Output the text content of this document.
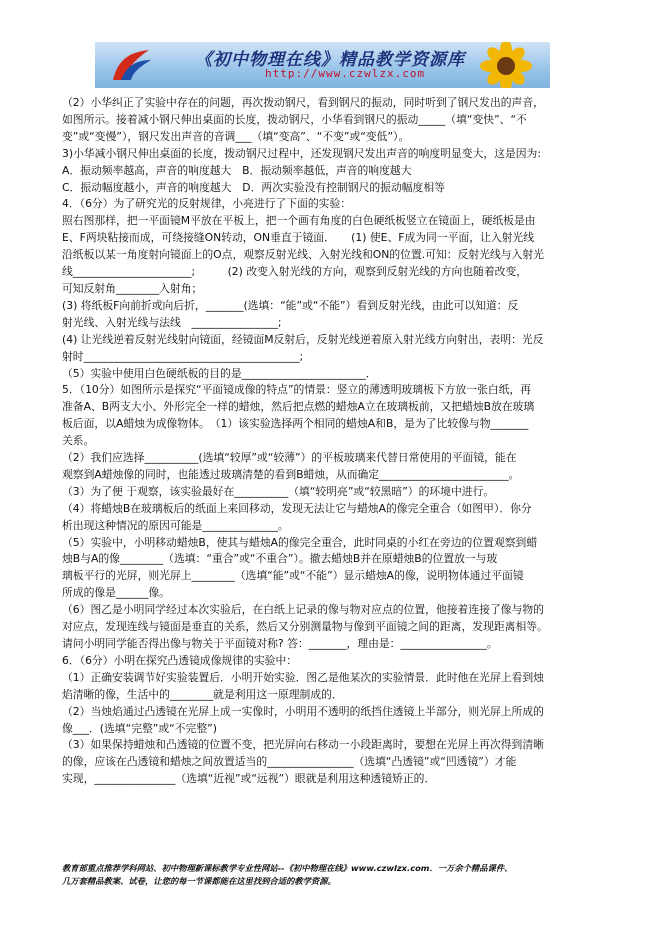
《初中物理在线》精品教学资源库
http://www.czwlzx.com

（2）小华纠正了实验中存在的问题，再次拨动钢尺，看到钢尺的振动，同时听到了钢尺发出的声音，

如图所示。接着减小钢尺伸出桌面的长度，拨动钢尺，小华看到钢尺的振动_____（填“变快”、“不

变”或“变慢”），钢尺发出声音的音调___（填“变高”、“不变”或“变低”）。

3)小华减小钢尺伸出桌面的长度，拨动钢尺过程中，还发现钢尺发出声音的响度明显变大，这是因为:

A．振动频率越高，声音的响度越大　B．振动频率越低，声音的响度越大

C．振动幅度越小，声音的响度越大　D．两次实验没有控制钢尺的振动幅度相等

4．（6分）为了研究光的反射规律，小亮进行了下面的实验：

照右图那样，把一平面镜M平放在平板上，把一个画有角度的白色硬纸板竖立在镜面上，硬纸板是由

E、F两块粘接而成，可绕接缝ON转动，ON垂直于镜面．　　(1) 使E、F成为同一平面，让入射光线

沿纸板以某一角度射向镜面上的O点，观察反射光线、入射光线和ON的位置.可知：反射光线与入射光

线______________________;　　　(2) 改变入射光线的方向，观察到反射光线的方向也随着改变，

可知反射角________入射角；

(3) 将纸板F向前折或向后折，_______(选填：“能”或“不能”）看到反射光线，由此可以知道：反

射光线、入射光线与法线　________________;

(4) 让光线逆着反射光线射向镜面，经镜面M反射后，反射光线逆着原入射光线方向射出，表明：光反

射时________________________________________;

（5）实验中使用白色硬纸板的目的是_______________________．

5．（10分）如图所示是探究“平面镜成像的特点”的情景：竖立的薄透明玻璃板下方放一张白纸，再

准备A、B两支大小、外形完全一样的蜡烛，然后把点燃的蜡烛A立在玻璃板前，又把蜡烛B放在玻璃

板后面，以A蜡烛为成像物体。　（1）该实验选择两个相同的蜡烛A和B，是为了比较像与物_______

关系。

（2）我们应选择__________(选填“较厚”或“较薄”）的平板玻璃来代替日常使用的平面镜，能在

观察到A蜡烛像的同时，也能透过玻璃清楚的看到B蜡烛，从而确定________________________。

（3）为了便 于观察，该实验最好在__________（填“较明亮”或“较黑暗”）的环境中进行。

（4）将蜡烛B在玻璃板后的纸面上来回移动，发现无法让它与蜡烛A的像完全重合（如图甲）．你分

析出现这种情况的原因可能是______________。

（5）实验中，小明移动蜡烛B，使其与蜡烛A的像完全重合，此时同桌的小红在旁边的位置观察到蜡

烛B与A的像________（选填：“重合”或“不重合”）。撤去蜡烛B并在原蜡烛B的位置放一与玻

璃板平行的光屏，则光屏上________（选填“能”或“不能”）显示蜡烛A的像，说明物体通过平面镜

所成的像是______像。

（6）图乙是小明同学经过本次实验后，在白纸上记录的像与物对应点的位置，他接着连接了像与物的

对应点，发现连线与镜面是垂直的关系，然后又分别测量物与像到平面镜之间的距离，发现距离相等。

请问小明同学能否得出像与物关于平面镜对称? 答：_______，理由是：________________。

6．（6分）小明在探究凸透镜成像规律的实验中：

（1）正确安装调节好实验装置后．小明开始实验．图乙是他某次的实验情景．此时他在光屏上看到烛

焰清晰的像，生活中的________就是利用这一原理制成的．

（2）当烛焰通过凸透镜在光屏上成一实像时，小明用不透明的纸挡住透镜上半部分，则光屏上所成的

像___．(选填“完整”或“不完整”)

（3）如果保持蜡烛和凸透镜的位置不变，把光屏向右移动一小段距离时，要想在光屏上再次得到清晰

的像，应该在凸透镜和蜡烛之间放置适当的________________（选填“凸透镜”或“凹透镜”）才能

实现，_______________（选填“近视”或“远视”）眼就是利用这种透镜矫正的．

教育部重点推荐学科网站、初中物理新课标教学专业性网站--《初中物理在线》www.czwlzx.com．一万余个精品课件、
几万套精品教案、试卷，让您的每一节课都能在这里找到合适的教学资源。
